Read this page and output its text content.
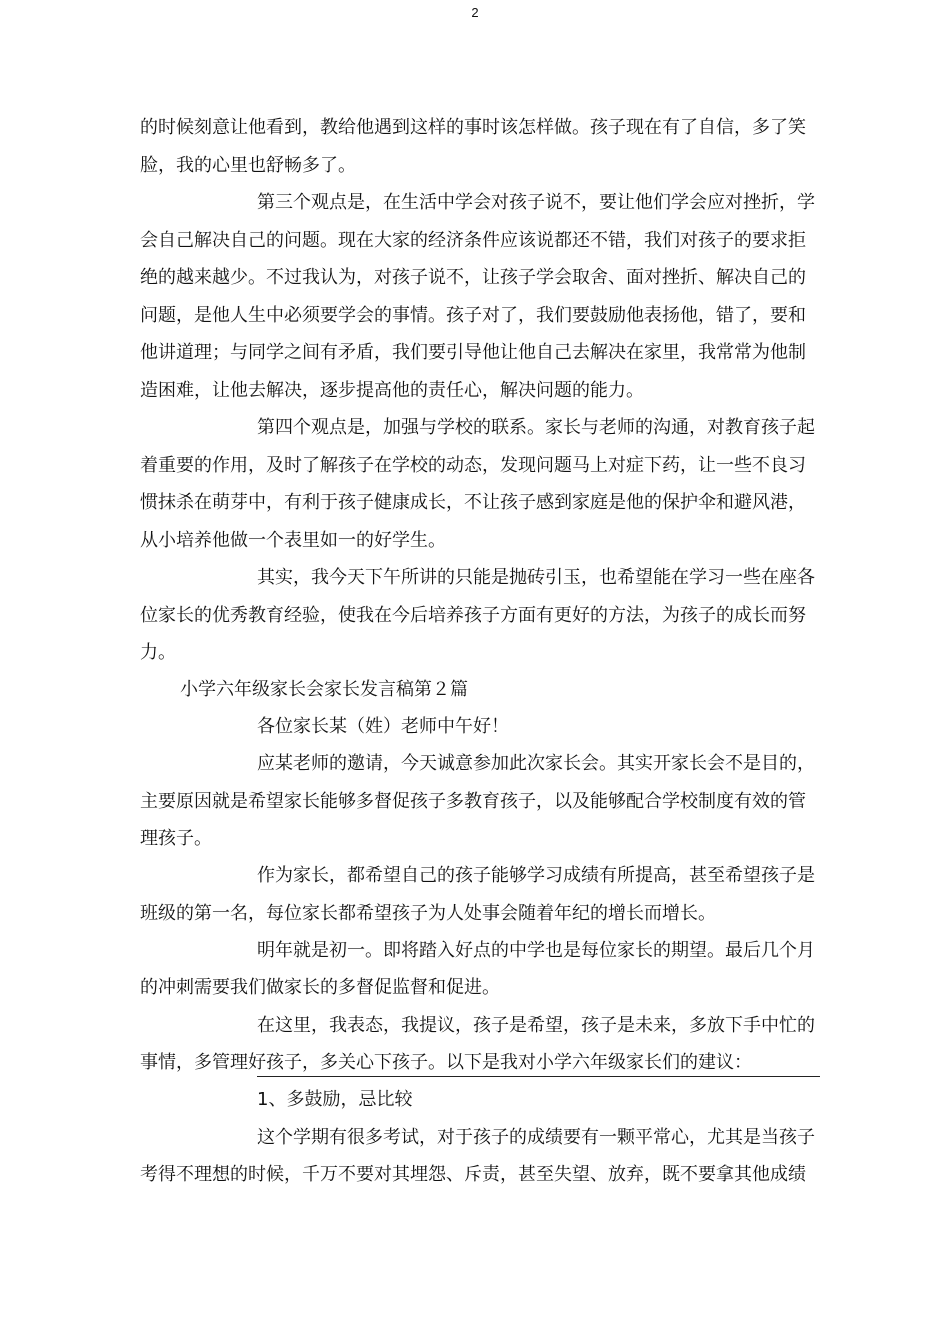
2
的时候刻意让他看到，教给他遇到这样的事时该怎样做。孩子现在有了自信，多了笑
脸，我的心里也舒畅多了。
第三个观点是，在生活中学会对孩子说不，要让他们学会应对挫折，学
会自己解决自己的问题。现在大家的经济条件应该说都还不错，我们对孩子的要求拒
绝的越来越少。不过我认为，对孩子说不，让孩子学会取舍、面对挫折、解决自己的
问题，是他人生中必须要学会的事情。孩子对了，我们要鼓励他表扬他，错了，要和
他讲道理；与同学之间有矛盾，我们要引导他让他自己去解决在家里，我常常为他制
造困难，让他去解决，逐步提高他的责任心，解决问题的能力。
第四个观点是，加强与学校的联系。家长与老师的沟通，对教育孩子起
着重要的作用，及时了解孩子在学校的动态，发现问题马上对症下药，让一些不良习
惯抹杀在萌芽中，有利于孩子健康成长，不让孩子感到家庭是他的保护伞和避风港，
从小培养他做一个表里如一的好学生。
其实，我今天下午所讲的只能是抛砖引玉，也希望能在学习一些在座各
位家长的优秀教育经验，使我在今后培养孩子方面有更好的方法，为孩子的成长而努
力。
小学六年级家长会家长发言稿第２篇
各位家长某（姓）老师中午好！
应某老师的邀请，今天诚意参加此次家长会。其实开家长会不是目的，
主要原因就是希望家长能够多督促孩子多教育孩子，以及能够配合学校制度有效的管
理孩子。
作为家长，都希望自己的孩子能够学习成绩有所提高，甚至希望孩子是
班级的第一名，每位家长都希望孩子为人处事会随着年纪的增长而增长。
明年就是初一。即将踏入好点的中学也是每位家长的期望。最后几个月
的冲刺需要我们做家长的多督促监督和促进。
在这里，我表态，我提议，孩子是希望，孩子是未来，多放下手中忙的
事情，多管理好孩子，多关心下孩子。以下是我对小学六年级家长们的建议：
1、多鼓励，忌比较
这个学期有很多考试，对于孩子的成绩要有一颗平常心，尤其是当孩子
考得不理想的时候，千万不要对其埋怨、斥责，甚至失望、放弃，既不要拿其他成绩
